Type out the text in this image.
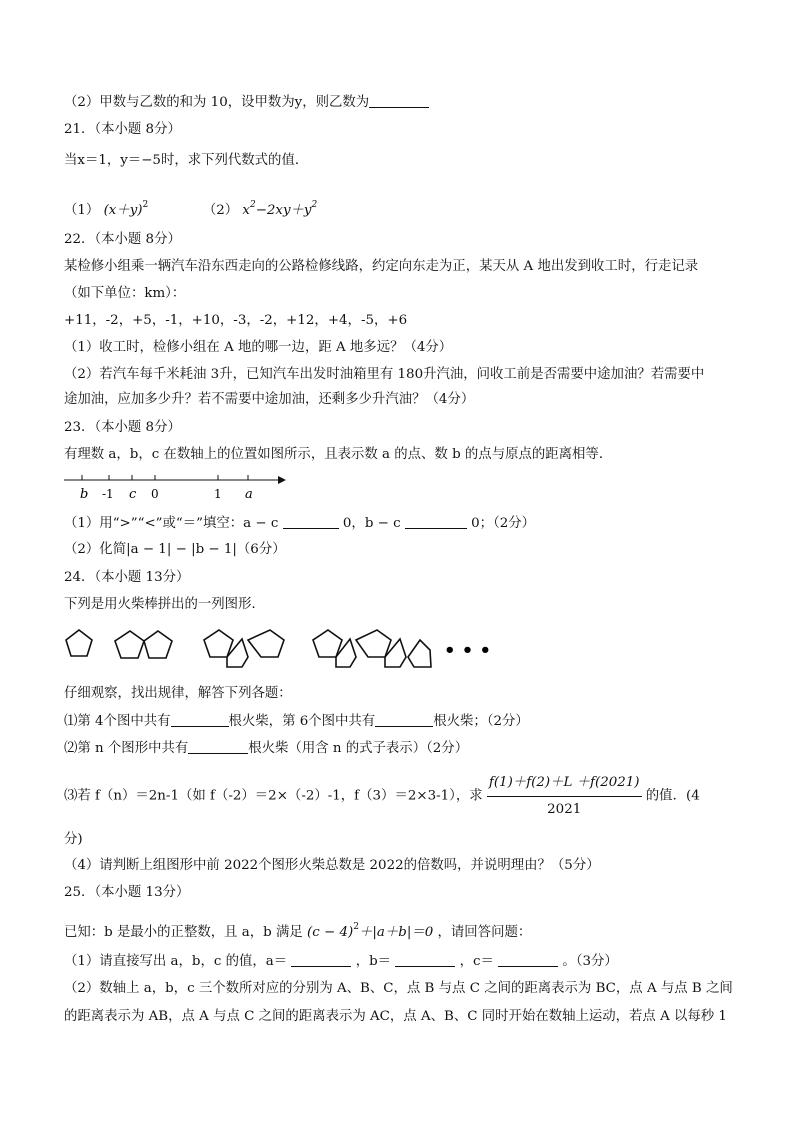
（2）甲数与乙数的和为 10，设甲数为y，则乙数为
21．（本小题 8分）
当x＝1，y＝−5时，求下列代数式的值．
（1） $(x+y)^2$	（2） $x^2-2xy+y^2$
22．（本小题 8分）
某检修小组乘一辆汽车沿东西走向的公路检修线路，约定向东走为正，某天从 A 地出发到收工时，行走记录
（如下单位：km）：
+11，-2，+5，-1，+10，-3，-2，+12，+4，-5，+6
（1）收工时，检修小组在 A 地的哪一边，距 A 地多远？（4分）
（2）若汽车每千米耗油 3升，已知汽车出发时油箱里有 180升汽油，问收工前是否需要中途加油？若需要中
途加油，应加多少升？若不需要中途加油，还剩多少升汽油？（4分）
23．（本小题 8分）
有理数 a，b，c 在数轴上的位置如图所示，且表示数 a 的点、数 b 的点与原点的距离相等．
b -1 c 0	1 a
（1）用“>”“<”或“＝”填空：a − c	0，b − c	0；（2分）
（2）化简|a − 1| − |b − 1|（6分）
24．（本小题 13分）
下列是用火柴棒拼出的一列图形．
• • •
仔细观察，找出规律，解答下列各题：
⑴第 4个图中共有	根火柴，第 6个图中共有	根火柴；（2分）
⑵第 n 个图形中共有	根火柴（用含 n 的式子表示）（2分）
⑶若 f（n）＝2n-1（如 f（-2）＝2×（-2）-1，f（3）＝2×3-1），求 $\frac{f(1)+f(2)+L +f(2021)}{2021}$ 的值．(4
分)
（4）请判断上组图形中前 2022个图形火柴总数是 2022的倍数吗，并说明理由？（5分）
25．（本小题 13分）
已知：b 是最小的正整数，且 a，b 满足 $(c - 4)^2+|a+b|=0$ ，请回答问题：
（1）请直接写出 a，b，c 的值，a＝	，b＝	，c＝	。（3分）
（2）数轴上 a，b，c 三个数所对应的分别为 A、B、C，点 B 与点 C 之间的距离表示为 BC，点 A 与点 B 之间
的距离表示为 AB，点 A 与点 C 之间的距离表示为 AC，点 A、B、C 同时开始在数轴上运动，若点 A 以每秒 1
